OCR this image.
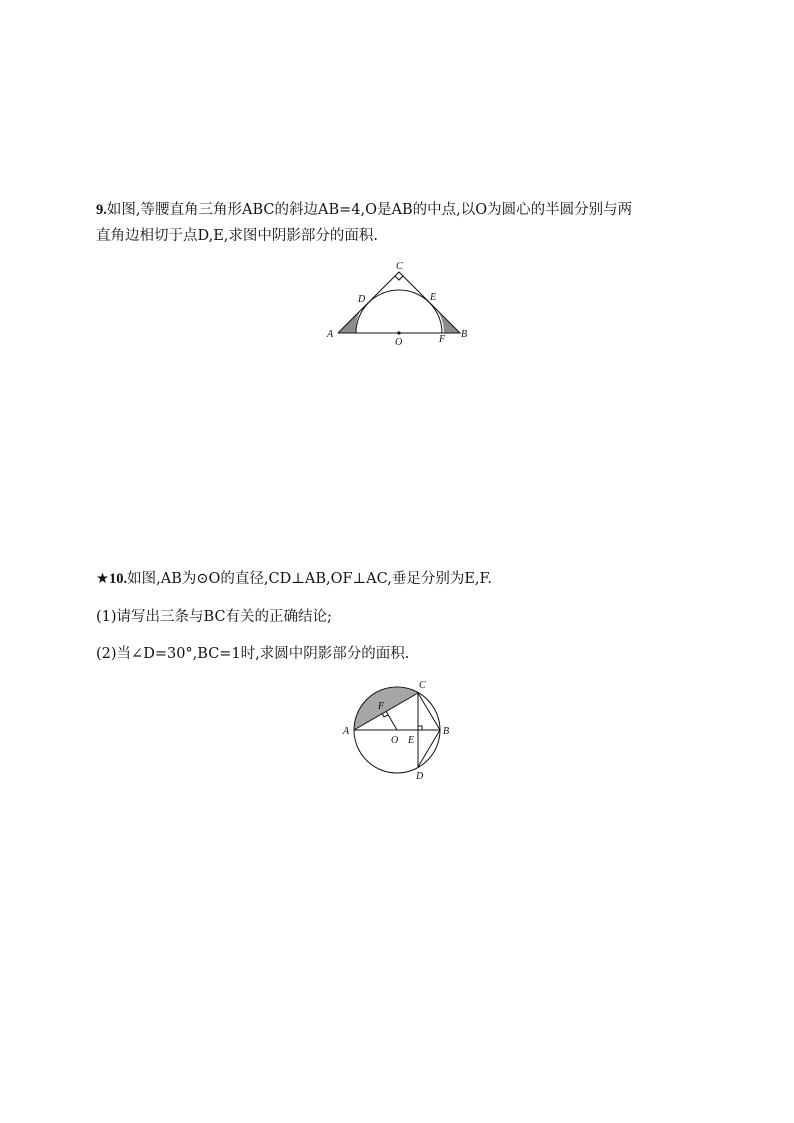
9.如图,等腰直角三角形ABC的斜边AB=4,O是AB的中点,以O为圆心的半圆分别与两

直角边相切于点D,E,求图中阴影部分的面积.

C
D	E
A	B
O	F

★10.如图,AB为⊙O的直径,CD⊥AB,OF⊥AC,垂足分别为E,F.

(1)请写出三条与BC有关的正确结论;

(2)当∠D=30°,BC=1时,求圆中阴影部分的面积.

C
F
A	B
O E
D
